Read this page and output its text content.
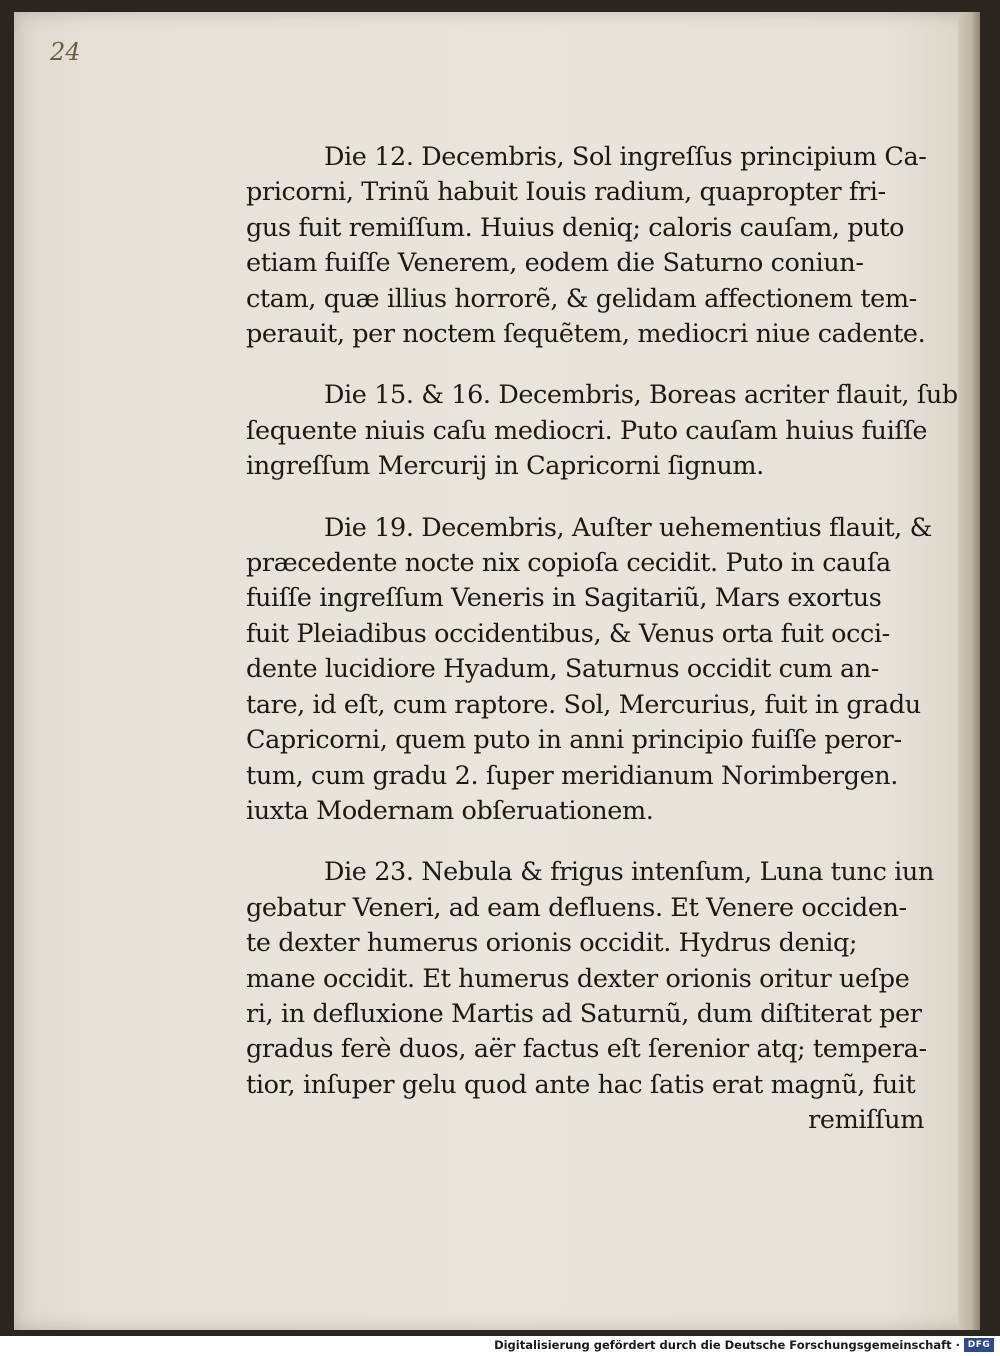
24

Die 12. Decembris, Sol ingreſſus principium Ca-
pricorni, Trinũ habuit Iouis radium, quapropter fri-
gus fuit remiſſum. Huius deniq; caloris cauſam, puto
etiam fuiſſe Venerem, eodem die Saturno coniun-
ctam, quæ illius horrorẽ, & gelidam affectionem tem-
perauit, per noctem ſequẽtem, mediocri niue cadente.

Die 15. & 16. Decembris, Boreas acriter flauit, ſub
ſequente niuis caſu mediocri. Puto cauſam huius fuiſſe
ingreſſum Mercurij in Capricorni ſignum.

Die 19. Decembris, Auſter uehementius flauit, &
præcedente nocte nix copioſa cecidit. Puto in cauſa
fuiſſe ingreſſum Veneris in Sagitariũ, Mars exortus
fuit Pleiadibus occidentibus, & Venus orta fuit occi-
dente lucidiore Hyadum, Saturnus occidit cum an-
tare, id eſt, cum raptore. Sol, Mercurius, fuit in gradu
Capricorni, quem puto in anni principio fuiſſe peror-
tum, cum gradu 2. ſuper meridianum Norimbergen.
iuxta Modernam obſeruationem.

Die 23. Nebula & frigus intenſum, Luna tunc iun
gebatur Veneri, ad eam defluens. Et Venere occiden-
te dexter humerus orionis occidit. Hydrus deniq;
mane occidit. Et humerus dexter orionis oritur ueſpe
ri, in defluxione Martis ad Saturnũ, dum diſtiterat per
gradus ferè duos, aër factus eſt ſerenior atq; tempera-
tior, inſuper gelu quod ante hac ſatis erat magnũ, fuit
remiſſum

Digitalisierung gefördert durch die Deutsche Forschungsgemeinschaft · DFG
